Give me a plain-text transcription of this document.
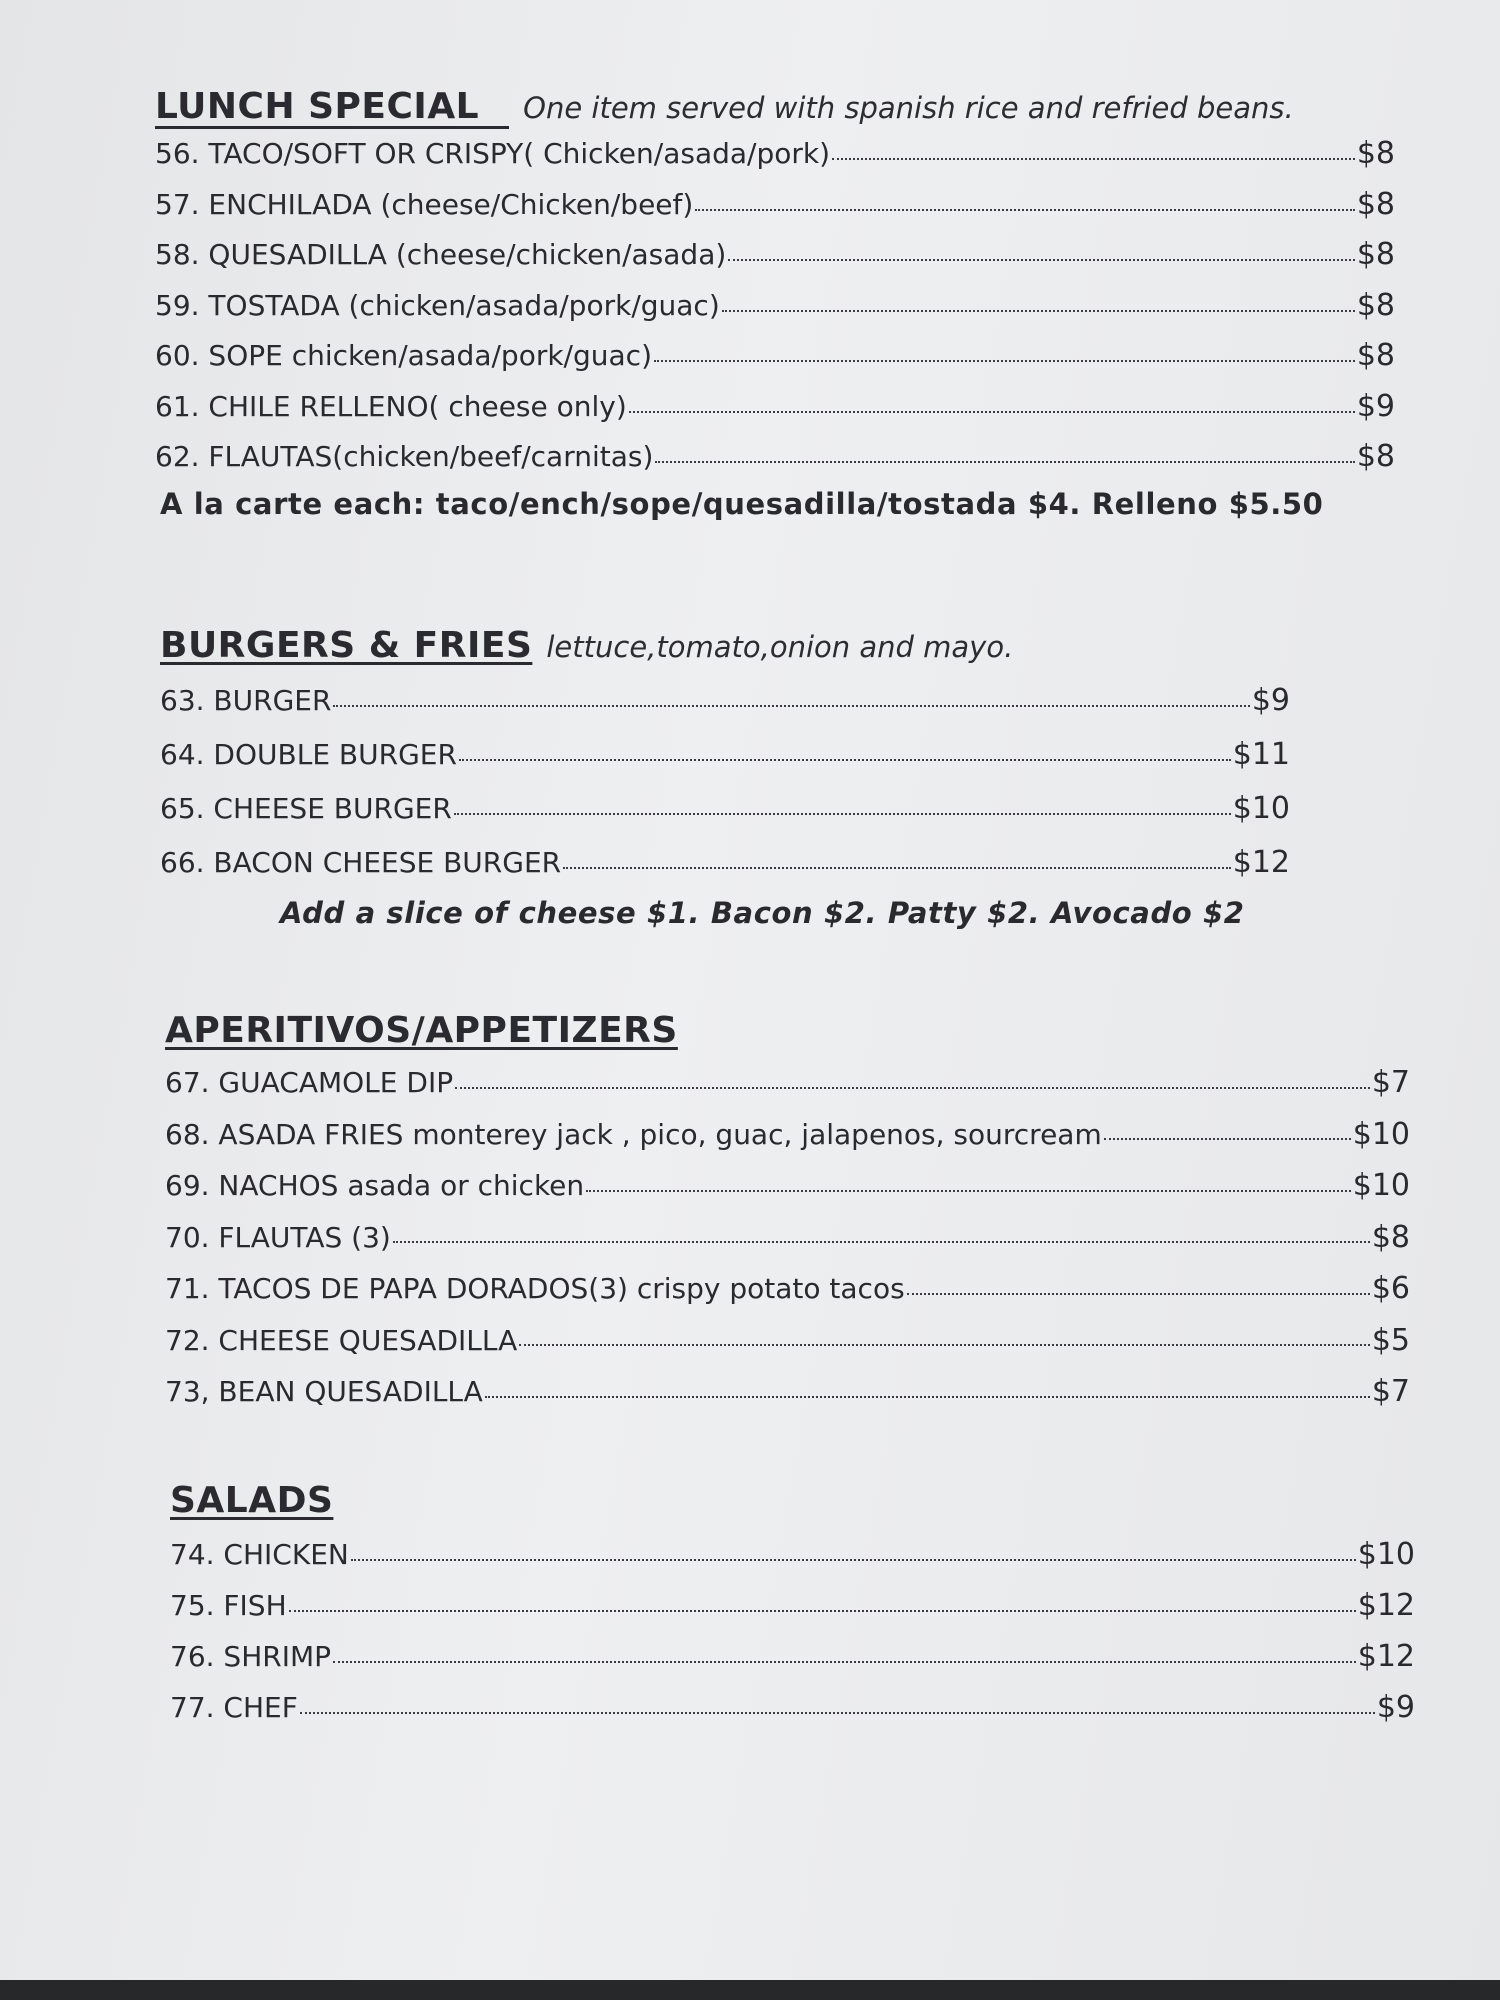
LUNCH SPECIAL	One item served with spanish rice and refried beans.
56. TACO/SOFT OR CRISPY( Chicken/asada/pork)	$8
57. ENCHILADA (cheese/Chicken/beef)	$8
58. QUESADILLA (cheese/chicken/asada)	$8
59. TOSTADA (chicken/asada/pork/guac)	$8
60. SOPE chicken/asada/pork/guac)	$8
61. CHILE RELLENO( cheese only)	$9
62. FLAUTAS(chicken/beef/carnitas)	$8
A la carte each: taco/ench/sope/quesadilla/tostada $4. Relleno $5.50
BURGERS & FRIES lettuce,tomato,onion and mayo.
63. BURGER	$9
64. DOUBLE BURGER	$11
65. CHEESE BURGER	$10
66. BACON CHEESE BURGER	$12
Add a slice of cheese $1. Bacon $2. Patty $2. Avocado $2
APERITIVOS/APPETIZERS
67. GUACAMOLE DIP	$7
68. ASADA FRIES monterey jack , pico, guac, jalapenos, sourcream	$10
69. NACHOS asada or chicken	$10
70. FLAUTAS (3)	$8
71. TACOS DE PAPA DORADOS(3) crispy potato tacos	$6
72. CHEESE QUESADILLA	$5
73, BEAN QUESADILLA	$7
SALADS
74. CHICKEN	$10
75. FISH	$12
76. SHRIMP	$12
77. CHEF	$9
